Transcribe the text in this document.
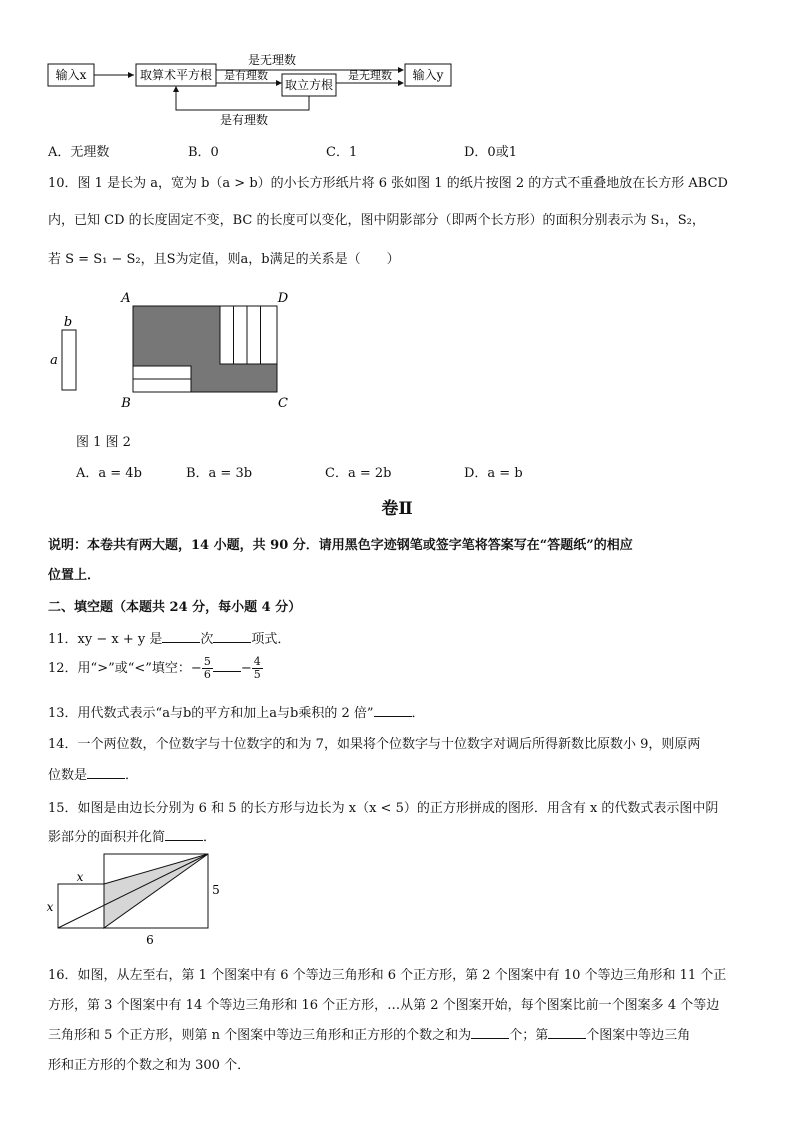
输入x	取算术平方根
是无理数
是有理数
取立方根
是无理数 输入y
是有理数
A．无理数	B．0	C．1	D．0或1
10．图 1 是长为 a，宽为 b（a > b）的小长方形纸片将 6 张如图 1 的纸片按图 2 的方式不重叠地放在长方形 ABCD
内，已知 CD 的长度固定不变，BC 的长度可以变化，图中阴影部分（即两个长方形）的面积分别表示为 S₁，S₂，
若 S = S₁ − S₂，且S为定值，则a，b满足的关系是（　　）
b
a
A	D
B	C
图 1 图 2
A．a = 4b	B．a = 3b	C．a = 2b	D．a = b
卷Ⅱ
说明：本卷共有两大题，14 小题，共 90 分．请用黑色字迹钢笔或签字笔将答案写在“答题纸”的相应
位置上．
二、填空题（本题共 24 分，每小题 4 分）
11．xy − x + y 是	次	项式．
12．用“>”或“<”填空：− $\frac{5}{6} - \frac{4}{5}$
13．用代数式表示“a与b的平方和加上a与b乘积的 2 倍”	．
14．一个两位数，个位数字与十位数字的和为 7，如果将个位数字与十位数字对调后所得新数比原数小 9，则原两
位数是	．
15．如图是由边长分别为 6 和 5 的长方形与边长为 x（x < 5）的正方形拼成的图形．用含有 x 的代数式表示图中阴
影部分的面积并化简	．
x
x
5
6
16．如图，从左至右，第 1 个图案中有 6 个等边三角形和 6 个正方形，第 2 个图案中有 10 个等边三角形和 11 个正
方形，第 3 个图案中有 14 个等边三角形和 16 个正方形，…从第 2 个图案开始，每个图案比前一个图案多 4 个等边
三角形和 5 个正方形，则第 n 个图案中等边三角形和正方形的个数之和为	个；第	个图案中等边三角
形和正方形的个数之和为 300 个．
